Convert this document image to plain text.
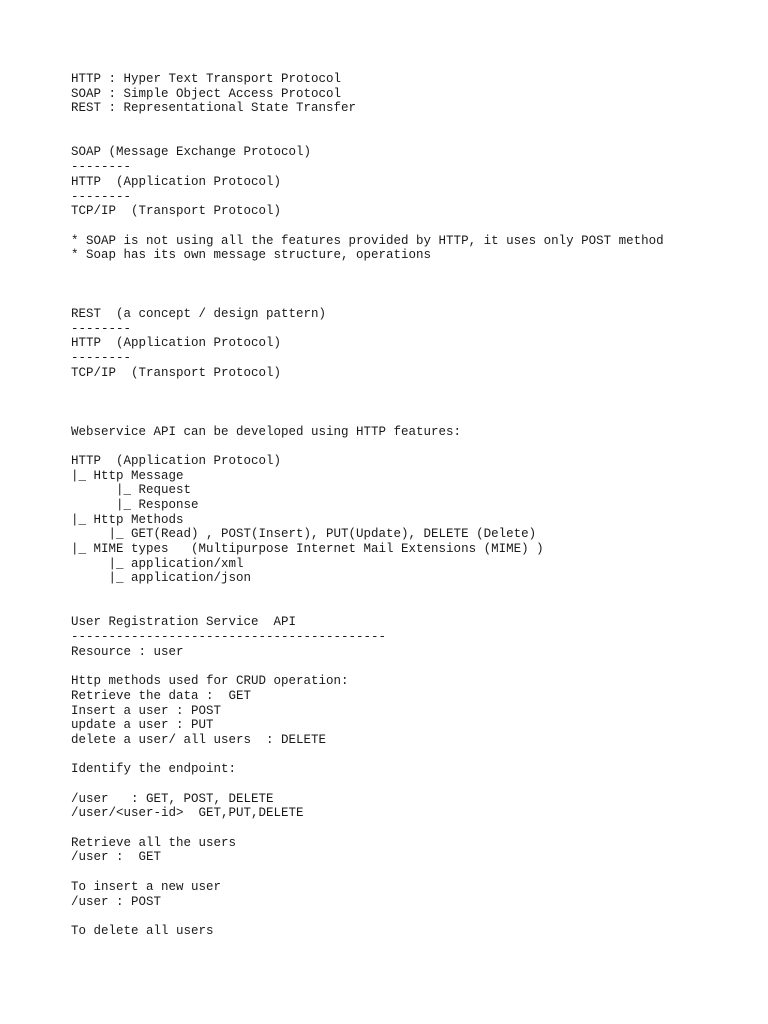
HTTP : Hyper Text Transport Protocol
SOAP : Simple Object Access Protocol
REST : Representational State Transfer

SOAP (Message Exchange Protocol)
--------
HTTP  (Application Protocol)
--------
TCP/IP  (Transport Protocol)

* SOAP is not using all the features provided by HTTP, it uses only POST method
* Soap has its own message structure, operations

REST  (a concept / design pattern)
--------
HTTP  (Application Protocol)
--------
TCP/IP  (Transport Protocol)

Webservice API can be developed using HTTP features:

HTTP  (Application Protocol)
|_ Http Message
|_ Request
|_ Response
|_ Http Methods
|_ GET(Read) , POST(Insert), PUT(Update), DELETE (Delete)
|_ MIME types   (Multipurpose Internet Mail Extensions (MIME) )
|_ application/xml
|_ application/json

User Registration Service  API
------------------------------------------
Resource : user

Http methods used for CRUD operation:
Retrieve the data :  GET
Insert a user : POST
update a user : PUT
delete a user/ all users  : DELETE

Identify the endpoint:

/user   : GET, POST, DELETE
/user/<user-id>  GET,PUT,DELETE

Retrieve all the users
/user :  GET

To insert a new user
/user : POST

To delete all users
